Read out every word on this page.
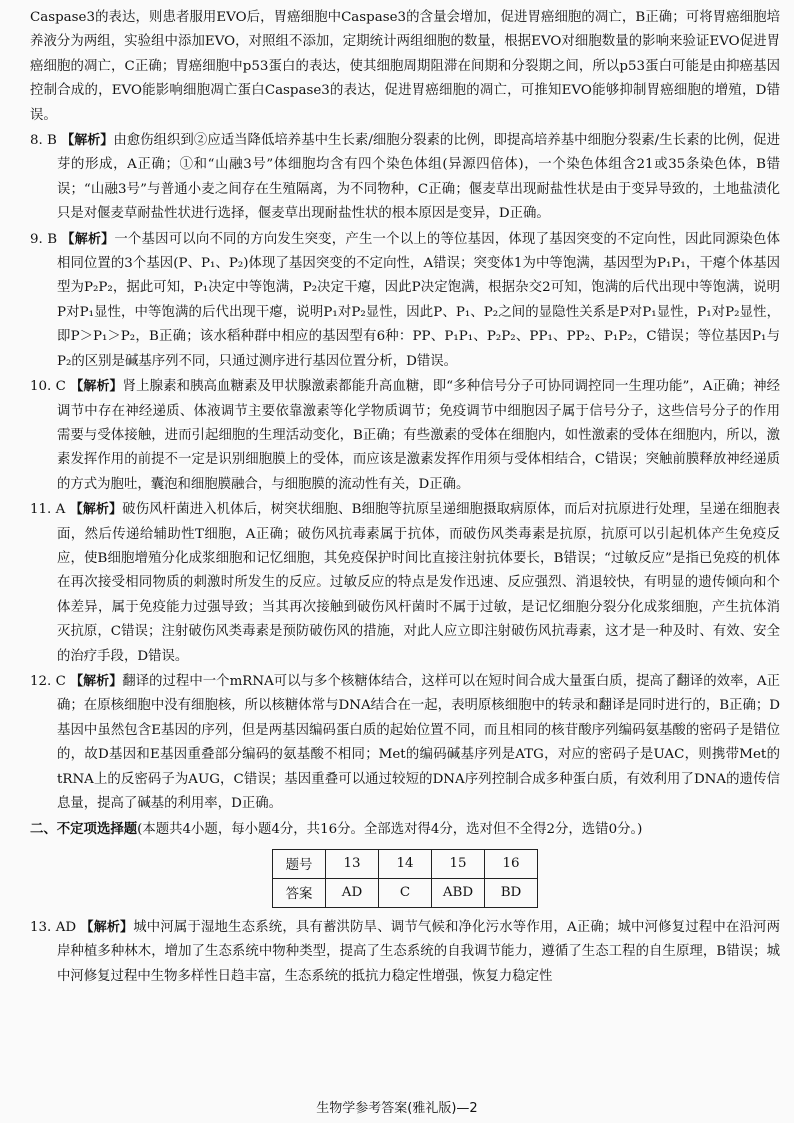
Caspase3的表达，则患者服用EVO后，胃癌细胞中Caspase3的含量会增加，促进胃癌细胞的凋亡，B正确；可将胃癌细胞培养液分为两组，实验组中添加EVO，对照组不添加，定期统计两组细胞的数量，根据EVO对细胞数量的影响来验证EVO促进胃癌细胞的凋亡，C正确；胃癌细胞中p53蛋白的表达，使其细胞周期阻滞在间期和分裂期之间，所以p53蛋白可能是由抑癌基因控制合成的，EVO能影响细胞凋亡蛋白Caspase3的表达，促进胃癌细胞的凋亡，可推知EVO能够抑制胃癌细胞的增殖，D错误。

8. B 【解析】由愈伤组织到②应适当降低培养基中生长素/细胞分裂素的比例，即提高培养基中细胞分裂素/生长素的比例，促进芽的形成，A正确；①和“山融3号”体细胞均含有四个染色体组(异源四倍体)，一个染色体组含21或35条染色体，B错误；“山融3号”与普通小麦之间存在生殖隔离，为不同物种，C正确；偃麦草出现耐盐性状是由于变异导致的，土地盐渍化只是对偃麦草耐盐性状进行选择，偃麦草出现耐盐性状的根本原因是变异，D正确。

9. B 【解析】一个基因可以向不同的方向发生突变，产生一个以上的等位基因，体现了基因突变的不定向性，因此同源染色体相同位置的3个基因(P、P₁、P₂)体现了基因突变的不定向性，A错误；突变体1为中等饱满，基因型为P₁P₁，干瘪个体基因型为P₂P₂，据此可知，P₁决定中等饱满，P₂决定干瘪，因此P决定饱满，根据杂交2可知，饱满的后代出现中等饱满，说明P对P₁显性，中等饱满的后代出现干瘪，说明P₁对P₂显性，因此P、P₁、P₂之间的显隐性关系是P对P₁显性，P₁对P₂显性，即P＞P₁＞P₂，B正确；该水稻种群中相应的基因型有6种：PP、P₁P₁、P₂P₂、PP₁、PP₂、P₁P₂，C错误；等位基因P₁与P₂的区别是碱基序列不同，只通过测序进行基因位置分析，D错误。

10. C 【解析】肾上腺素和胰高血糖素及甲状腺激素都能升高血糖，即“多种信号分子可协同调控同一生理功能”，A正确；神经调节中存在神经递质、体液调节主要依靠激素等化学物质调节；免疫调节中细胞因子属于信号分子，这些信号分子的作用需要与受体接触，进而引起细胞的生理活动变化，B正确；有些激素的受体在细胞内，如性激素的受体在细胞内，所以，激素发挥作用的前提不一定是识别细胞膜上的受体，而应该是激素发挥作用须与受体相结合，C错误；突触前膜释放神经递质的方式为胞吐，囊泡和细胞膜融合，与细胞膜的流动性有关，D正确。

11. A 【解析】破伤风杆菌进入机体后，树突状细胞、B细胞等抗原呈递细胞摄取病原体，而后对抗原进行处理，呈递在细胞表面，然后传递给辅助性T细胞，A正确；破伤风抗毒素属于抗体，而破伤风类毒素是抗原，抗原可以引起机体产生免疫反应，使B细胞增殖分化成浆细胞和记忆细胞，其免疫保护时间比直接注射抗体要长，B错误；“过敏反应”是指已免疫的机体在再次接受相同物质的刺激时所发生的反应。过敏反应的特点是发作迅速、反应强烈、消退较快，有明显的遗传倾向和个体差异，属于免疫能力过强导致；当其再次接触到破伤风杆菌时不属于过敏，是记忆细胞分裂分化成浆细胞，产生抗体消灭抗原，C错误；注射破伤风类毒素是预防破伤风的措施，对此人应立即注射破伤风抗毒素，这才是一种及时、有效、安全的治疗手段，D错误。

12. C 【解析】翻译的过程中一个mRNA可以与多个核糖体结合，这样可以在短时间合成大量蛋白质，提高了翻译的效率，A正确；在原核细胞中没有细胞核，所以核糖体常与DNA结合在一起，表明原核细胞中的转录和翻译是同时进行的，B正确；D基因中虽然包含E基因的序列，但是两基因编码蛋白质的起始位置不同，而且相同的核苷酸序列编码氨基酸的密码子是错位的，故D基因和E基因重叠部分编码的氨基酸不相同；Met的编码碱基序列是ATG，对应的密码子是UAC，则携带Met的tRNA上的反密码子为AUG，C错误；基因重叠可以通过较短的DNA序列控制合成多种蛋白质，有效利用了DNA的遗传信息量，提高了碱基的利用率，D正确。

二、不定项选择题(本题共4小题，每小题4分，共16分。全部选对得4分，选对但不全得2分，选错0分。)
题号	13	14	15	16
答案	AD	C	ABD	BD

13. AD 【解析】城中河属于湿地生态系统，具有蓄洪防旱、调节气候和净化污水等作用，A正确；城中河修复过程中在沿河两岸种植多种林木，增加了生态系统中物种类型，提高了生态系统的自我调节能力，遵循了生态工程的自生原理，B错误；城中河修复过程中生物多样性日趋丰富，生态系统的抵抗力稳定性增强，恢复力稳定性

生物学参考答案(雅礼版)—2
